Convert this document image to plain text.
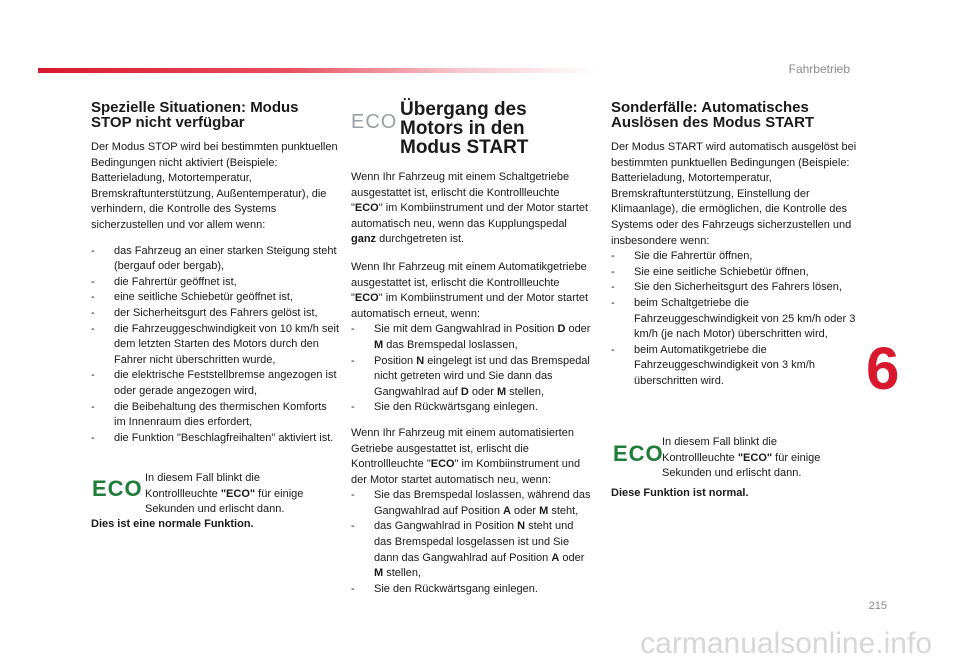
Fahrbetrieb
Spezielle Situationen: Modus STOP nicht verfügbar

Der Modus STOP wird bei bestimmten punktuellen Bedingungen nicht aktiviert (Beispiele: Batterieladung, Motortemperatur, Bremskraftunterstützung, Außentemperatur), die verhindern, die Kontrolle des Systems sicherzustellen und vor allem wenn:

- das Fahrzeug an einer starken Steigung steht (bergauf oder bergab),
- die Fahrertür geöffnet ist,
- eine seitliche Schiebetür geöffnet ist,
- der Sicherheitsgurt des Fahrers gelöst ist,
- die Fahrzeuggeschwindigkeit von 10 km/h seit dem letzten Starten des Motors durch den Fahrer nicht überschritten wurde,
- die elektrische Feststellbremse angezogen ist oder gerade angezogen wird,
- die Beibehaltung des thermischen Komforts im Innenraum dies erfordert,
- die Funktion "Beschlagfreihalten" aktiviert ist.
ECO In diesem Fall blinkt die Kontrollleuchte "ECO" für einige Sekunden und erlischt dann.
Dies ist eine normale Funktion.
ECO
Übergang des Motors in den Modus START

Wenn Ihr Fahrzeug mit einem Schaltgetriebe ausgestattet ist, erlischt die Kontrollleuchte "ECO" im Kombiinstrument und der Motor startet automatisch neu, wenn das Kupplungspedal ganz durchgetreten ist.

Wenn Ihr Fahrzeug mit einem Automatikgetriebe ausgestattet ist, erlischt die Kontrollleuchte "ECO" im Kombiinstrument und der Motor startet automatisch erneut, wenn:

- Sie mit dem Gangwahlrad in Position D oder M das Bremspedal loslassen,
- Position N eingelegt ist und das Bremspedal nicht getreten wird und Sie dann das Gangwahlrad auf D oder M stellen,
- Sie den Rückwärtsgang einlegen.

Wenn Ihr Fahrzeug mit einem automatisierten Getriebe ausgestattet ist, erlischt die Kontrollleuchte "ECO" im Kombiinstrument und der Motor startet automatisch neu, wenn:

- Sie das Bremspedal loslassen, während das Gangwahlrad auf Position A oder M steht,
- das Gangwahlrad in Position N steht und das Bremspedal losgelassen ist und Sie dann das Gangwahlrad auf Position A oder M stellen,
- Sie den Rückwärtsgang einlegen.
Sonderfälle: Automatisches Auslösen des Modus START

Der Modus START wird automatisch ausgelöst bei bestimmten punktuellen Bedingungen (Beispiele: Batterieladung, Motortemperatur, Bremskraftunterstützung, Einstellung der Klimaanlage), die ermöglichen, die Kontrolle des Systems oder des Fahrzeugs sicherzustellen und insbesondere wenn:

- Sie die Fahrertür öffnen,
- Sie eine seitliche Schiebetür öffnen,
- Sie den Sicherheitsgurt des Fahrers lösen,
- beim Schaltgetriebe die Fahrzeuggeschwindigkeit von 25 km/h oder 3 km/h (je nach Motor) überschritten wird,
- beim Automatikgetriebe die Fahrzeuggeschwindigkeit von 3 km/h überschritten wird.
ECO
In diesem Fall blinkt die Kontrollleuchte "ECO" für einige Sekunden und erlischt dann.
Diese Funktion ist normal.
6
215
carmanualsonline.info
